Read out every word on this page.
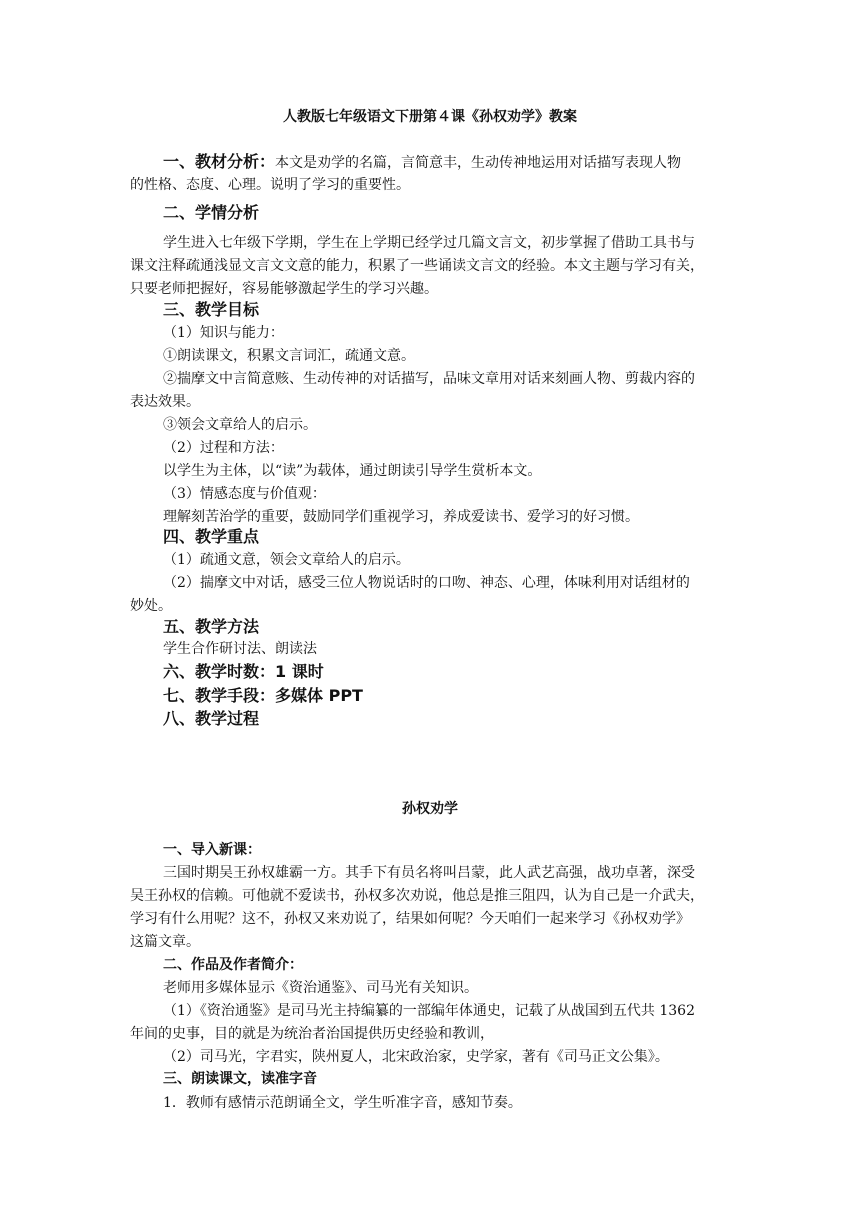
人教版七年级语文下册第４课《孙权劝学》教案
一、教材分析：本文是劝学的名篇，言简意丰，生动传神地运用对话描写表现人物
的性格、态度、心理。说明了学习的重要性。
二、学情分析
学生进入七年级下学期，学生在上学期已经学过几篇文言文，初步掌握了借助工具书与
课文注释疏通浅显文言文文意的能力，积累了一些诵读文言文的经验。本文主题与学习有关，
只要老师把握好，容易能够激起学生的学习兴趣。
三、教学目标
（1）知识与能力：
①朗读课文，积累文言词汇，疏通文意。
②揣摩文中言简意赅、生动传神的对话描写，品味文章用对话来刻画人物、剪裁内容的
表达效果。
③领会文章给人的启示。
（2）过程和方法：
以学生为主体，以“读”为载体，通过朗读引导学生赏析本文。
（3）情感态度与价值观：
理解刻苦治学的重要，鼓励同学们重视学习，养成爱读书、爱学习的好习惯。
四、教学重点
（1）疏通文意，领会文章给人的启示。
（2）揣摩文中对话，感受三位人物说话时的口吻、神态、心理，体味利用对话组材的
妙处。
五、教学方法
学生合作研讨法、朗读法
六、教学时数：1 课时
七、教学手段：多媒体 PPT
八、教学过程
孙权劝学
一、导入新课：
三国时期吴王孙权雄霸一方。其手下有员名将叫吕蒙，此人武艺高强，战功卓著，深受
吴王孙权的信赖。可他就不爱读书，孙权多次劝说，他总是推三阻四，认为自己是一介武夫，
学习有什么用呢？这不，孙权又来劝说了，结果如何呢？今天咱们一起来学习《孙权劝学》
这篇文章。
二、作品及作者简介：
老师用多媒体显示《资治通鉴》、司马光有关知识。
（1）《资治通鉴》是司马光主持编纂的一部编年体通史，记载了从战国到五代共 1362
年间的史事，目的就是为统治者治国提供历史经验和教训，
（2）司马光，字君实，陕州夏人，北宋政治家，史学家，著有《司马正文公集》。
三、朗读课文，读准字音
1．教师有感情示范朗诵全文，学生听准字音，感知节奏。
